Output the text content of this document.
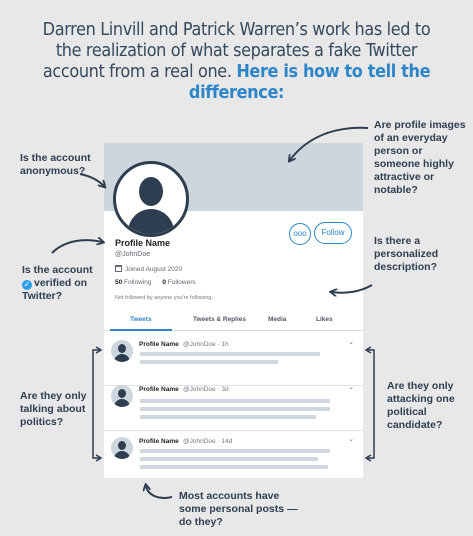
Darren Linvill and Patrick Warren’s work has led to the realization of what separates a fake Twitter account from a real one. Here is how to tell the difference:
Is the account anonymous?
Is the account
✓ verified on Twitter?
Are profile images of an everyday person or someone highly attractive or notable?
Is there a personalized description?
Are they only talking about politics?
Are they only attacking one political candidate?
Most accounts have some personal posts — do they?
ooo	Follow
Profile Name
@JohnDoe
Joined August 2020
50 Following 0 Followers
Not followed by anyone you're following.
Tweets	Tweets & Replies	Media	Likes
Profile Name @JohnDoe · 1h	⌄
Profile Name @JohnDoe · 3d	⌄
Profile Name @JohnDoe · 14d	⌄
